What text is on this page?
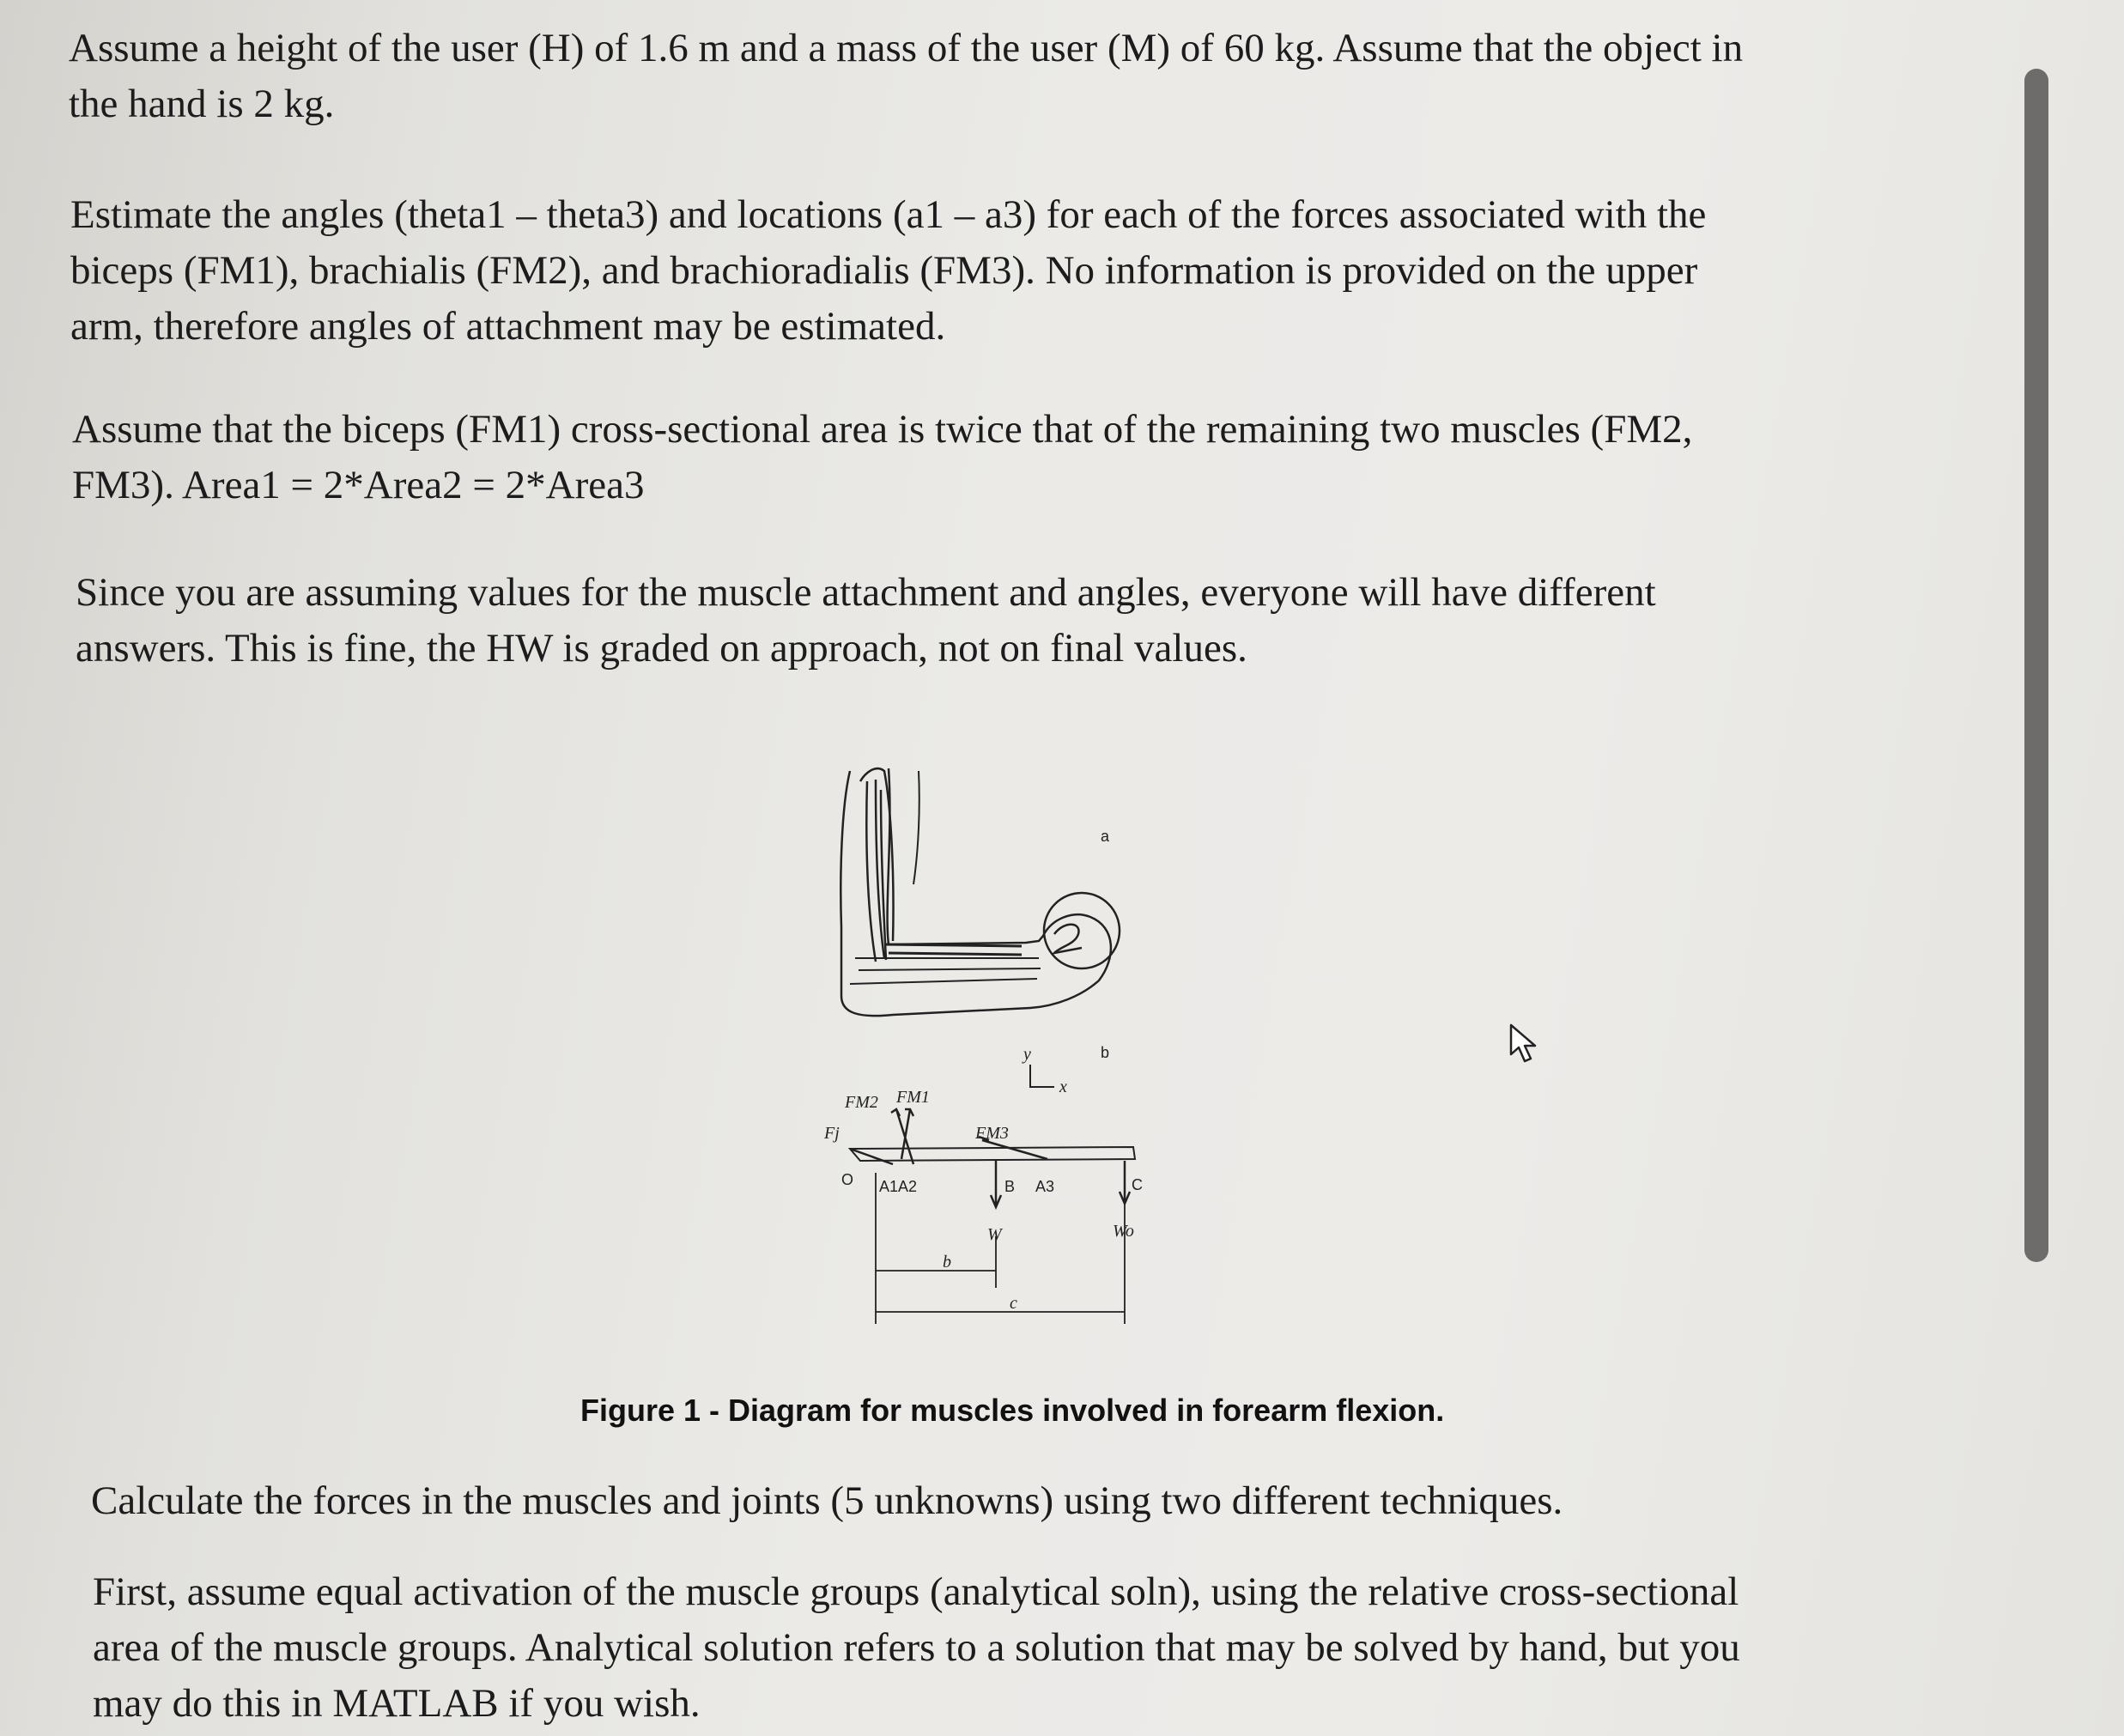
Assume a height of the user (H) of 1.6 m and a mass of the user (M) of 60 kg. Assume that the object in
the hand is 2 kg.
Estimate the angles (theta1 – theta3) and locations (a1 – a3) for each of the forces associated with the
biceps (FM1), brachialis (FM2), and brachioradialis (FM3). No information is provided on the upper
arm, therefore angles of attachment may be estimated.
Assume that the biceps (FM1) cross-sectional area is twice that of the remaining two muscles (FM2,
FM3). Area1 = 2*Area2 = 2*Area3
Since you are assuming values for the muscle attachment and angles, everyone will have different
answers. This is fine, the HW is graded on approach, not on final values.
a
b
y
x
Fj
FM2 FM1
FM3
O A1A2	B A3	C
W	Wo
b
c
Figure 1 - Diagram for muscles involved in forearm flexion.
Calculate the forces in the muscles and joints (5 unknowns) using two different techniques.
First, assume equal activation of the muscle groups (analytical soln), using the relative cross-sectional
area of the muscle groups. Analytical solution refers to a solution that may be solved by hand, but you
may do this in MATLAB if you wish.
